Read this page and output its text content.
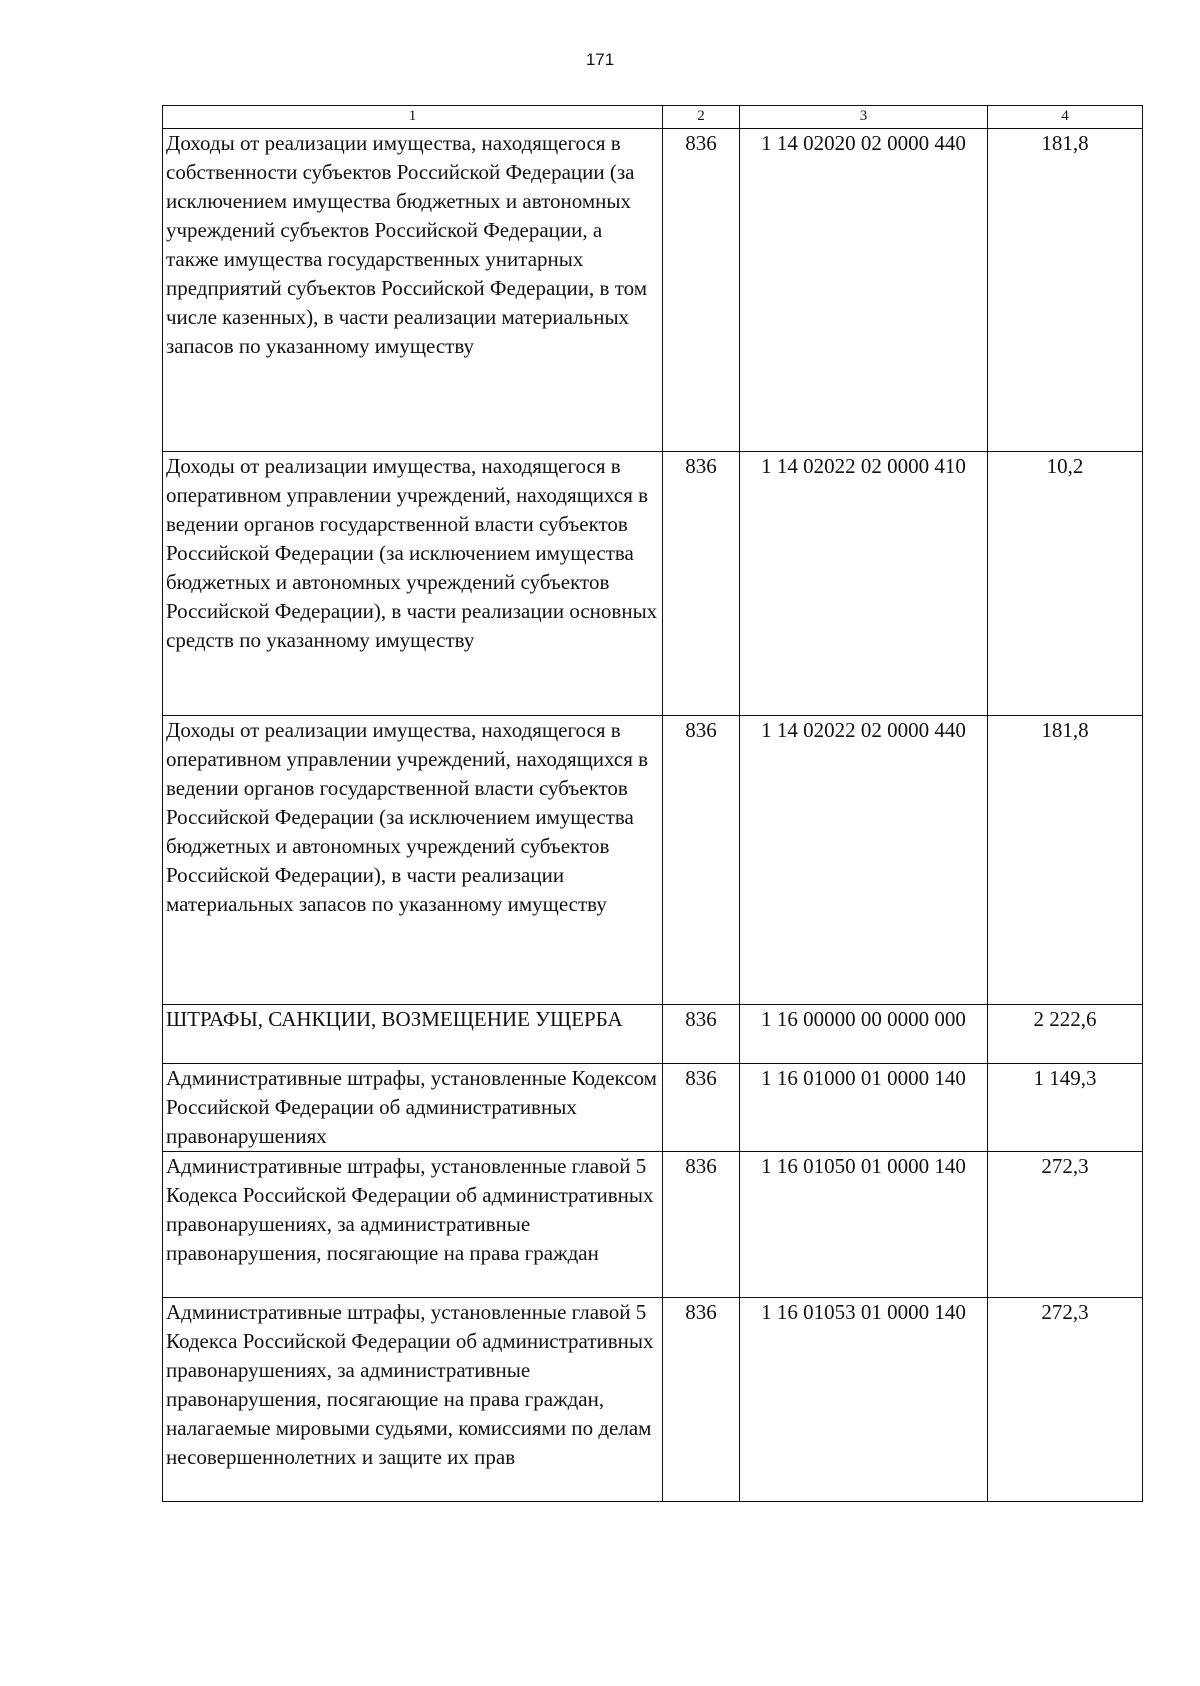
171
1	2	3	4
Доходы от реализации имущества, находящегося в собственности субъектов Российской Федерации (за исключением имущества бюджетных и автономных учреждений субъектов Российской Федерации, а также имущества государственных унитарных предприятий субъектов Российской Федерации, в том числе казенных), в части реализации материальных запасов по указанному имуществу	836	1 14 02020 02 0000 440	181,8
Доходы от реализации имущества, находящегося в оперативном управлении учреждений, находящихся в ведении органов государственной власти субъектов Российской Федерации (за исключением имущества бюджетных и автономных учреждений субъектов Российской Федерации), в части реализации основных средств по указанному имуществу	836	1 14 02022 02 0000 410	10,2
Доходы от реализации имущества, находящегося в оперативном управлении учреждений, находящихся в ведении органов государственной власти субъектов Российской Федерации (за исключением имущества бюджетных и автономных учреждений субъектов Российской Федерации), в части реализации материальных запасов по указанному имуществу	836	1 14 02022 02 0000 440	181,8
ШТРАФЫ, САНКЦИИ, ВОЗМЕЩЕНИЕ УЩЕРБА	836	1 16 00000 00 0000 000	2 222,6
Административные штрафы, установленные Кодексом Российской Федерации об административных правонарушениях	836	1 16 01000 01 0000 140	1 149,3
Административные штрафы, установленные главой 5 Кодекса Российской Федерации об административных правонарушениях, за административные правонарушения, посягающие на права граждан	836	1 16 01050 01 0000 140	272,3
Административные штрафы, установленные главой 5 Кодекса Российской Федерации об административных правонарушениях, за административные правонарушения, посягающие на права граждан, налагаемые мировыми судьями, комиссиями по делам несовершеннолетних и защите их прав	836	1 16 01053 01 0000 140	272,3
